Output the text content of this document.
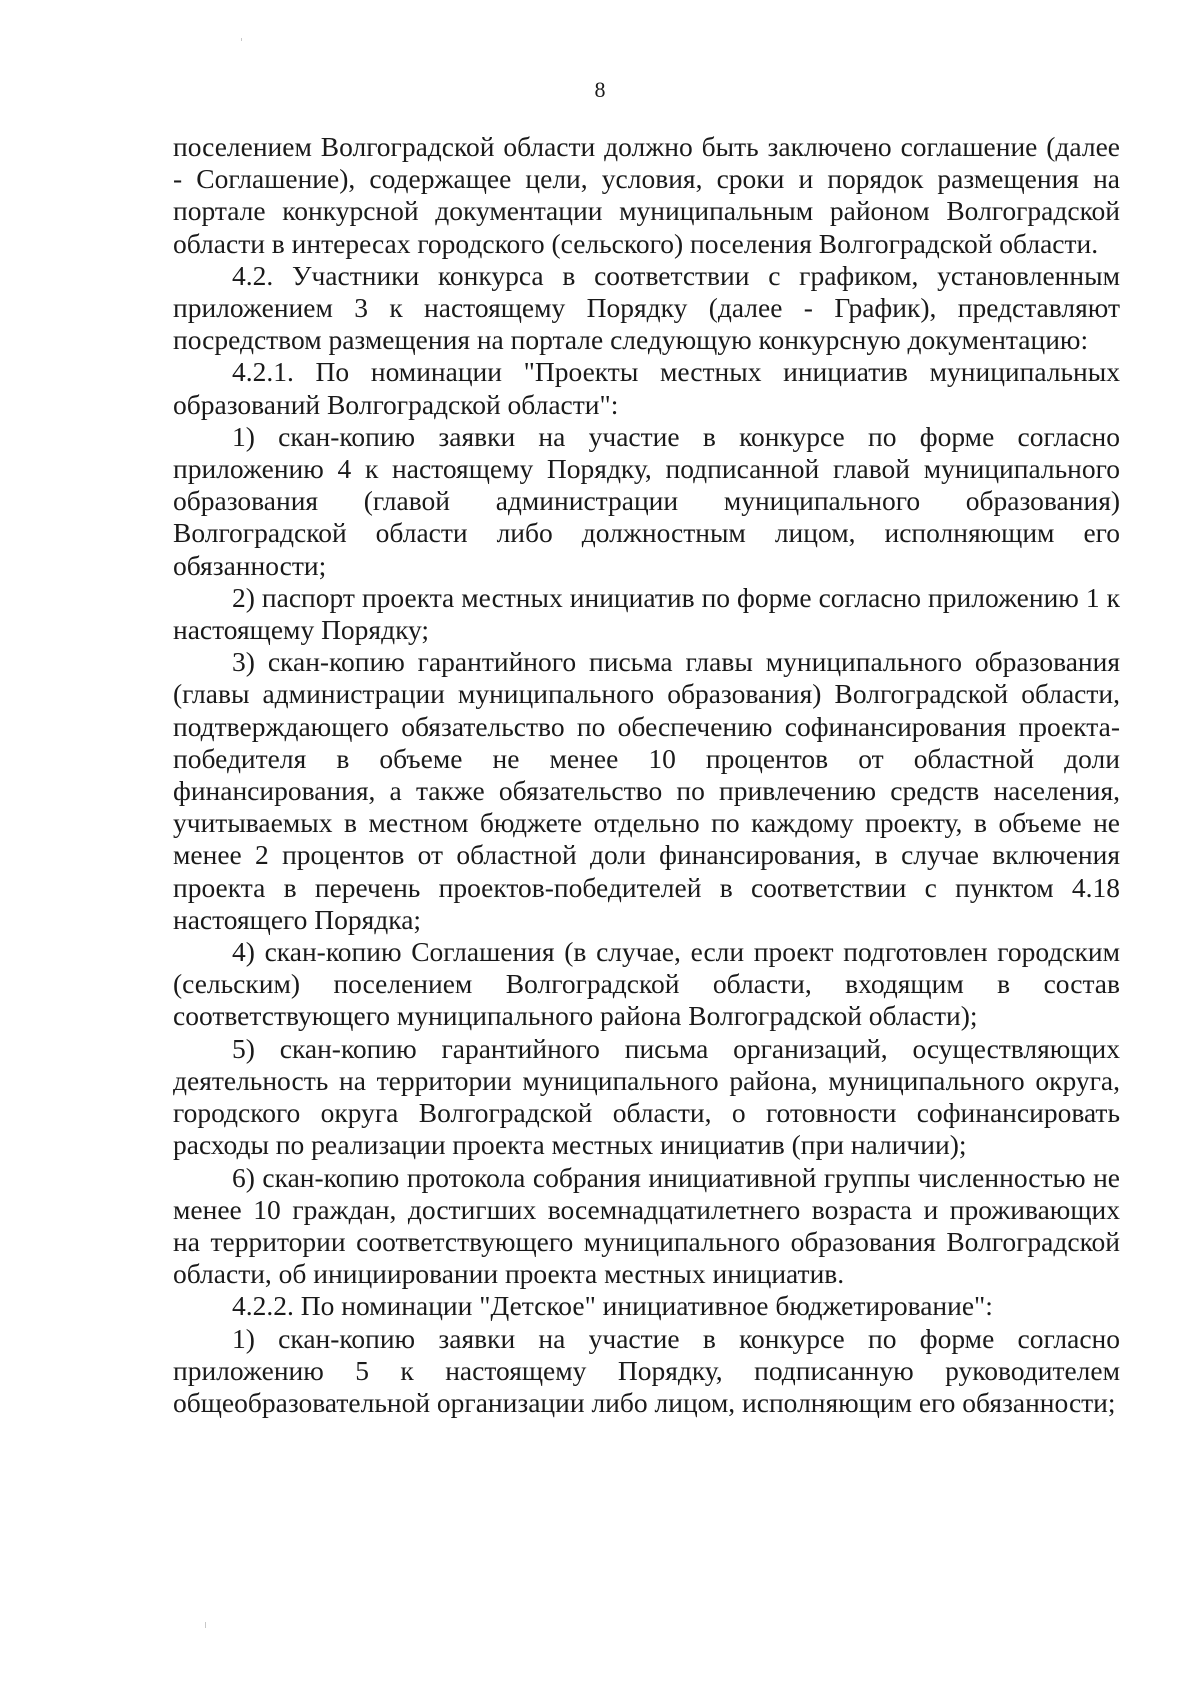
8

поселением Волгоградской области должно быть заключено соглашение (далее - Соглашение), содержащее цели, условия, сроки и порядок размещения на портале конкурсной документации муниципальным районом Волгоградской области в интересах городского (сельского) поселения Волгоградской области.

4.2. Участники конкурса в соответствии с графиком, установленным приложением 3 к настоящему Порядку (далее - График), представляют посредством размещения на портале следующую конкурсную документацию:

4.2.1. По номинации "Проекты местных инициатив муниципальных образований Волгоградской области":

1) скан-копию заявки на участие в конкурсе по форме согласно приложению 4 к настоящему Порядку, подписанной главой муниципального образования (главой администрации муниципального образования) Волгоградской области либо должностным лицом, исполняющим его обязанности;

2) паспорт проекта местных инициатив по форме согласно приложению 1 к настоящему Порядку;

3) скан-копию гарантийного письма главы муниципального образования (главы администрации муниципального образования) Волгоградской области, подтверждающего обязательство по обеспечению софинансирования проекта-победителя в объеме не менее 10 процентов от областной доли финансирования, а также обязательство по привлечению средств населения, учитываемых в местном бюджете отдельно по каждому проекту, в объеме не менее 2 процентов от областной доли финансирования, в случае включения проекта в перечень проектов-победителей в соответствии с пунктом 4.18 настоящего Порядка;

4) скан-копию Соглашения (в случае, если проект подготовлен городским (сельским) поселением Волгоградской области, входящим в состав соответствующего муниципального района Волгоградской области);

5) скан-копию гарантийного письма организаций, осуществляющих деятельность на территории муниципального района, муниципального округа, городского округа Волгоградской области, о готовности софинансировать расходы по реализации проекта местных инициатив (при наличии);

6) скан-копию протокола собрания инициативной группы численностью не менее 10 граждан, достигших восемнадцатилетнего возраста и проживающих на территории соответствующего муниципального образования Волгоградской области, об инициировании проекта местных инициатив.

4.2.2. По номинации "Детское" инициативное бюджетирование":

1) скан-копию заявки на участие в конкурсе по форме согласно приложению 5 к настоящему Порядку, подписанную руководителем общеобразовательной организации либо лицом, исполняющим его обязанности;
